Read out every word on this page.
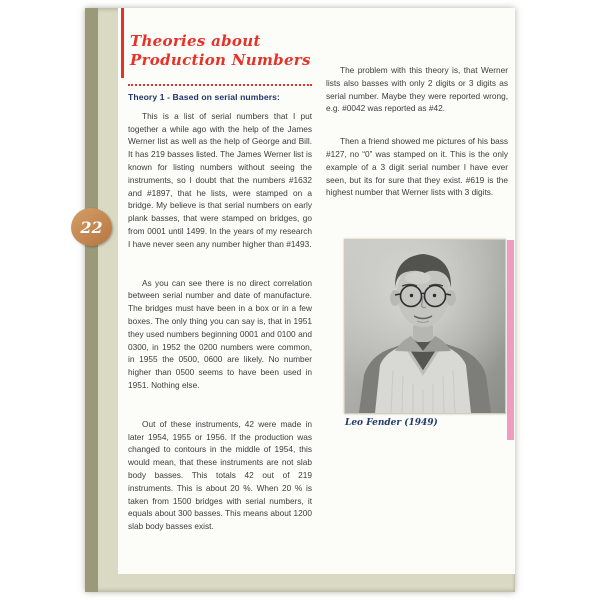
Theories about
Production Numbers
22
Theory 1 - Based on serial numbers:

This is a list of serial numbers that I put together a while ago with the help of the James Werner list as well as the help of George and Bill. It has 219 basses listed. The James Werner list is known for listing numbers without seeing the instruments, so I doubt that the numbers #1632 and #1897, that he lists, were stamped on a bridge. My believe is that serial numbers on early plank basses, that were stamped on bridges, go from 0001 until 1499. In the years of my research I have never seen any number higher than #1493.

As you can see there is no direct correlation between serial number and date of manufacture. The bridges must have been in a box or in a few boxes. The only thing you can say is, that in 1951 they used numbers beginning 0001 and 0100 and 0300, in 1952 the 0200 numbers were common, in 1955 the 0500, 0600 are likely. No number higher than 0500 seems to have been used in 1951. Nothing else.

Out of these instruments, 42 were made in later 1954, 1955 or 1956. If the production was changed to contours in the middle of 1954, this would mean, that these instruments are not slab body basses. This totals 42 out of 219 instruments. This is about 20 %. When 20 % is taken from 1500 bridges with serial numbers, it equals about 300 basses. This means about 1200 slab body basses exist.

The problem with this theory is, that Werner lists also basses with only 2 digits or 3 digits as serial number. Maybe they were reported wrong, e.g. #0042 was reported as #42.

Then a friend showed me pictures of his bass #127, no “0” was stamped on it. This is the only example of a 3 digit serial number I have ever seen, but its for sure that they exist. #619 is the highest number that Werner lists with 3 digits.

Leo Fender (1949)
